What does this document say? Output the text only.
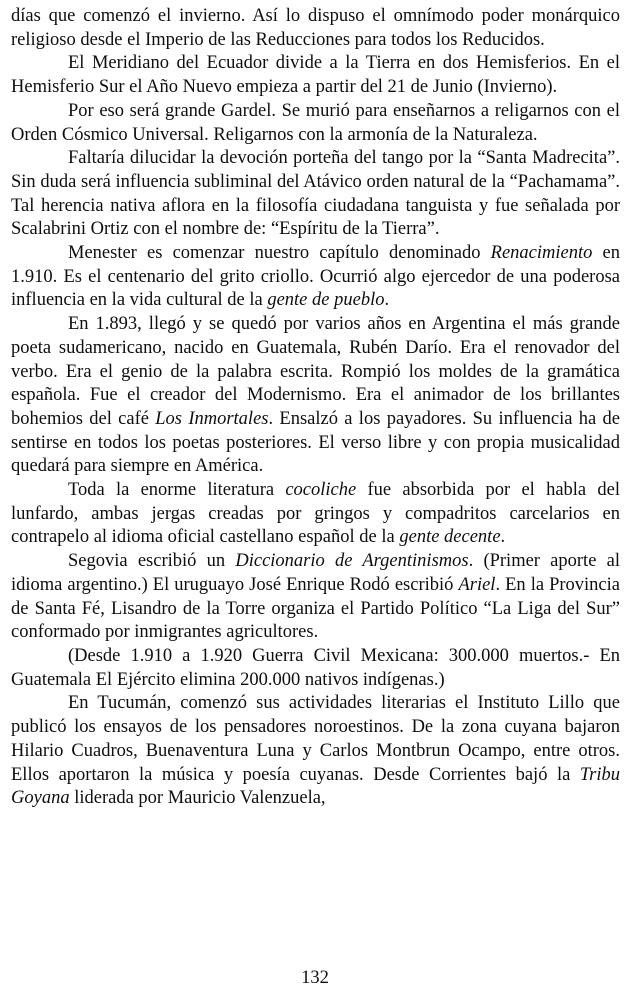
días que comenzó el invierno. Así lo dispuso el omnímodo poder monárquico religioso desde el Imperio de las Reducciones para todos los Reducidos.

El Meridiano del Ecuador divide a la Tierra en dos Hemisferios. En el Hemisferio Sur el Año Nuevo empieza a partir del 21 de Junio (Invierno).

Por eso será grande Gardel. Se murió para enseñarnos a religarnos con el Orden Cósmico Universal. Religarnos con la armonía de la Naturaleza.

Faltaría dilucidar la devoción porteña del tango por la “Santa Madrecita”. Sin duda será influencia subliminal del Atávico orden natural de la “Pachamama”. Tal herencia nativa aflora en la filosofía ciudadana tanguista y fue señalada por Scalabrini Ortiz con el nombre de: “Espíritu de la Tierra”.

Menester es comenzar nuestro capítulo denominado Renacimiento en 1.910. Es el centenario del grito criollo. Ocurrió algo ejercedor de una poderosa influencia en la vida cultural de la gente de pueblo.

En 1.893, llegó y se quedó por varios años en Argentina el más grande poeta sudamericano, nacido en Guatemala, Rubén Darío. Era el renovador del verbo. Era el genio de la palabra escrita. Rompió los moldes de la gramática española. Fue el creador del Modernismo. Era el animador de los brillantes bohemios del café Los Inmortales. Ensalzó a los payadores. Su influencia ha de sentirse en todos los poetas posteriores. El verso libre y con propia musicalidad quedará para siempre en América.

Toda la enorme literatura cocoliche fue absorbida por el habla del lunfardo, ambas jergas creadas por gringos y compadritos carcelarios en contrapelo al idioma oficial castellano español de la gente decente.

Segovia escribió un Diccionario de Argentinismos. (Primer aporte al idioma argentino.) El uruguayo José Enrique Rodó escribió Ariel. En la Provincia de Santa Fé, Lisandro de la Torre organiza el Partido Político “La Liga del Sur” conformado por inmigrantes agricultores.

(Desde 1.910 a 1.920 Guerra Civil Mexicana: 300.000 muertos.- En Guatemala El Ejército elimina 200.000 nativos indígenas.)

En Tucumán, comenzó sus actividades literarias el Instituto Lillo que publicó los ensayos de los pensadores noroestinos. De la zona cuyana bajaron Hilario Cuadros, Buenaventura Luna y Carlos Montbrun Ocampo, entre otros. Ellos aportaron la música y poesía cuyanas. Desde Corrientes bajó la Tribu Goyana liderada por Mauricio Valenzuela,

132
